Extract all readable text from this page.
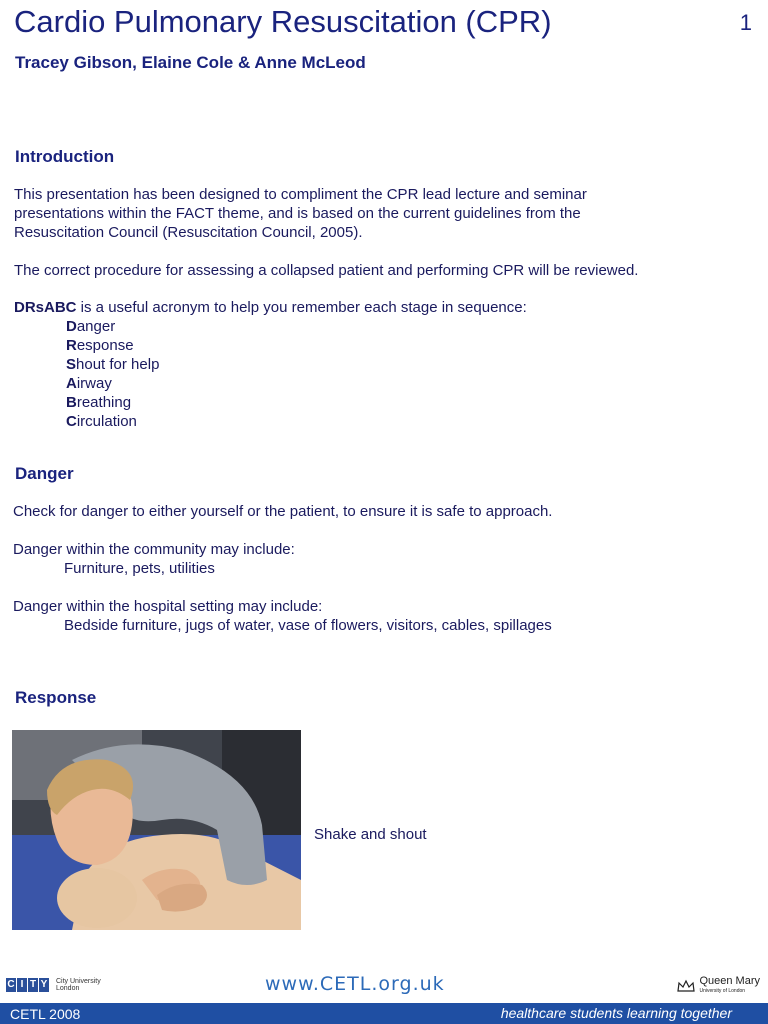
Cardio Pulmonary Resuscitation (CPR)	1
Tracey Gibson, Elaine Cole & Anne McLeod
Introduction
This presentation has been designed to compliment the CPR lead lecture and seminar
presentations within the FACT theme, and is based on the current guidelines from the
Resuscitation Council (Resuscitation Council, 2005).
The correct procedure for assessing a collapsed patient and performing CPR will be reviewed.
DRsABC is a useful acronym to help you remember each stage in sequence:
Danger
Response
Shout for help
Airway
Breathing
Circulation
Danger
Check for danger to either yourself or the patient, to ensure it is safe to approach.
Danger within the community may include:
Furniture, pets, utilities
Danger within the hospital setting may include:
Bedside furniture, jugs of water, vase of flowers, visitors, cables, spillages
Response
Shake and shout
C I T Y City University
London	www.CETL.org.uk	Queen Mary
University of London
CETL 2008	healthcare students learning together
